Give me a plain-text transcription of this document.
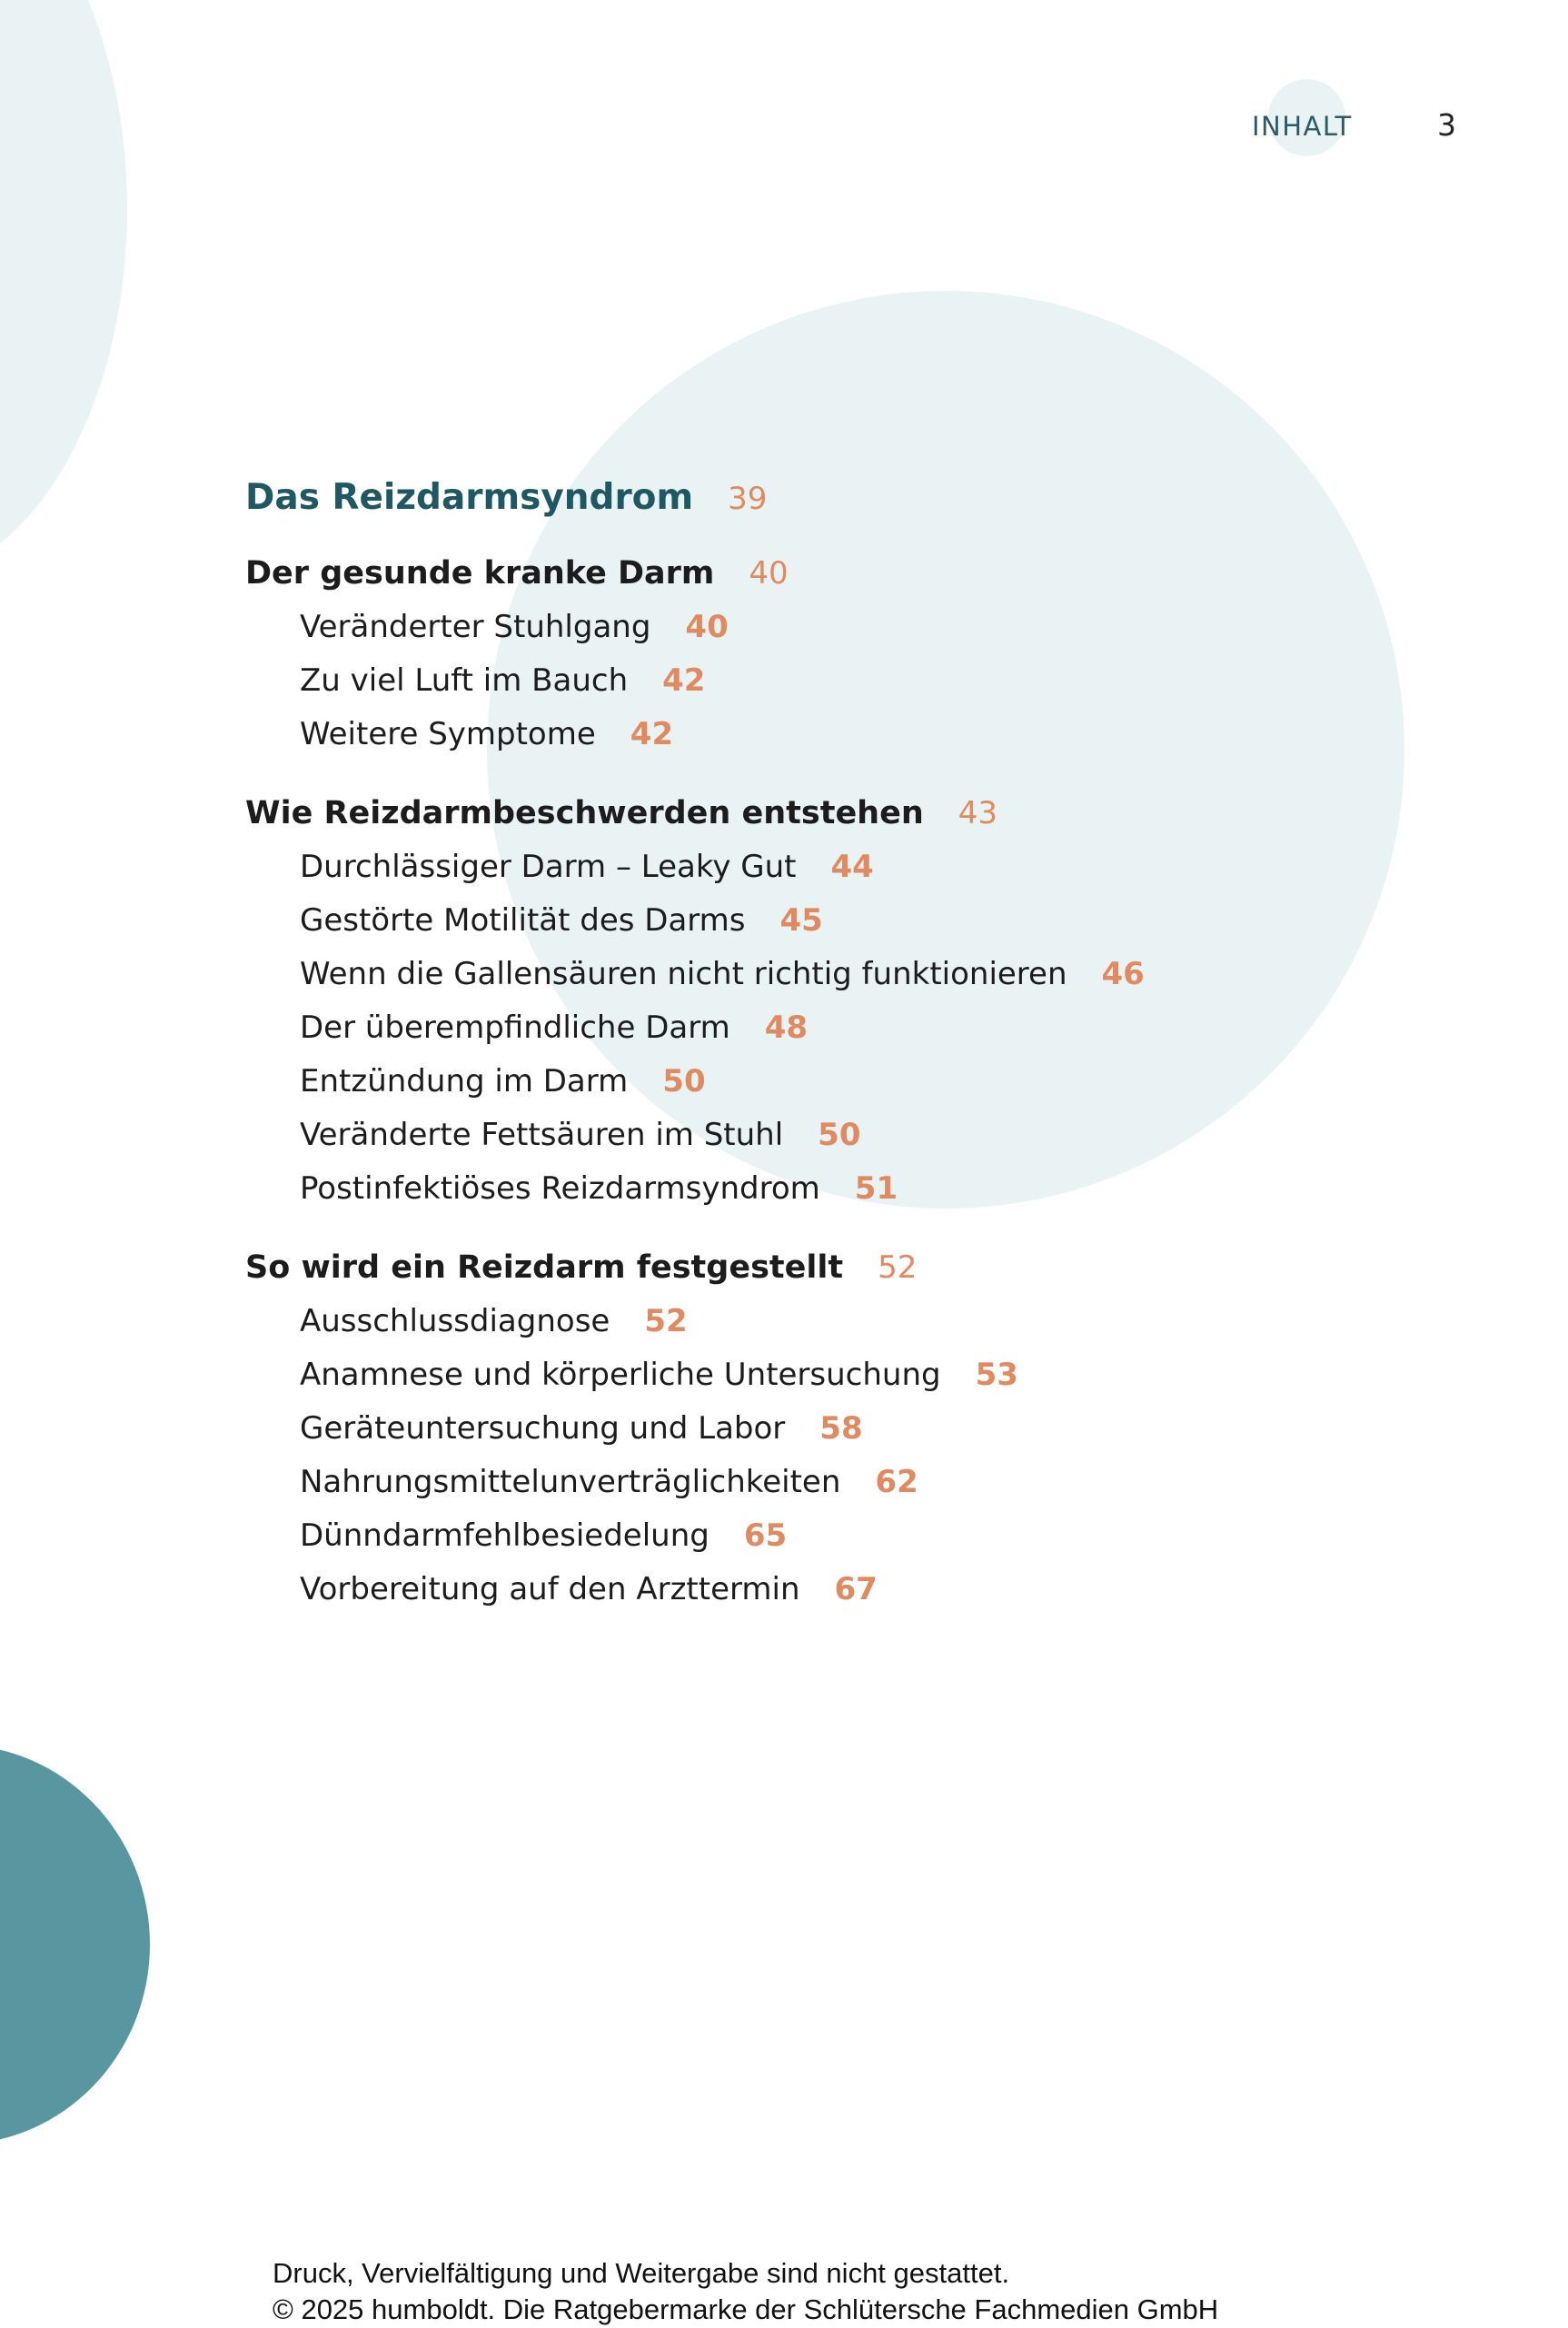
INHALT	3
Das Reizdarmsyndrom 39
Der gesunde kranke Darm 40
Veränderter Stuhlgang 40
Zu viel Luft im Bauch 42
Weitere Symptome 42
Wie Reizdarmbeschwerden entstehen 43
Durchlässiger Darm – Leaky Gut 44
Gestörte Motilität des Darms 45
Wenn die Gallensäuren nicht richtig funktionieren 46
Der überempfindliche Darm 48
Entzündung im Darm 50
Veränderte Fettsäuren im Stuhl 50
Postinfektiöses Reizdarmsyndrom 51
So wird ein Reizdarm festgestellt 52
Ausschlussdiagnose 52
Anamnese und körperliche Untersuchung 53
Geräteuntersuchung und Labor 58
Nahrungsmittelunverträglichkeiten 62
Dünndarmfehlbesiedelung 65
Vorbereitung auf den Arzttermin 67
Druck, Vervielfältigung und Weitergabe sind nicht gestattet.
© 2025 humboldt. Die Ratgebermarke der Schlütersche Fachmedien GmbH
